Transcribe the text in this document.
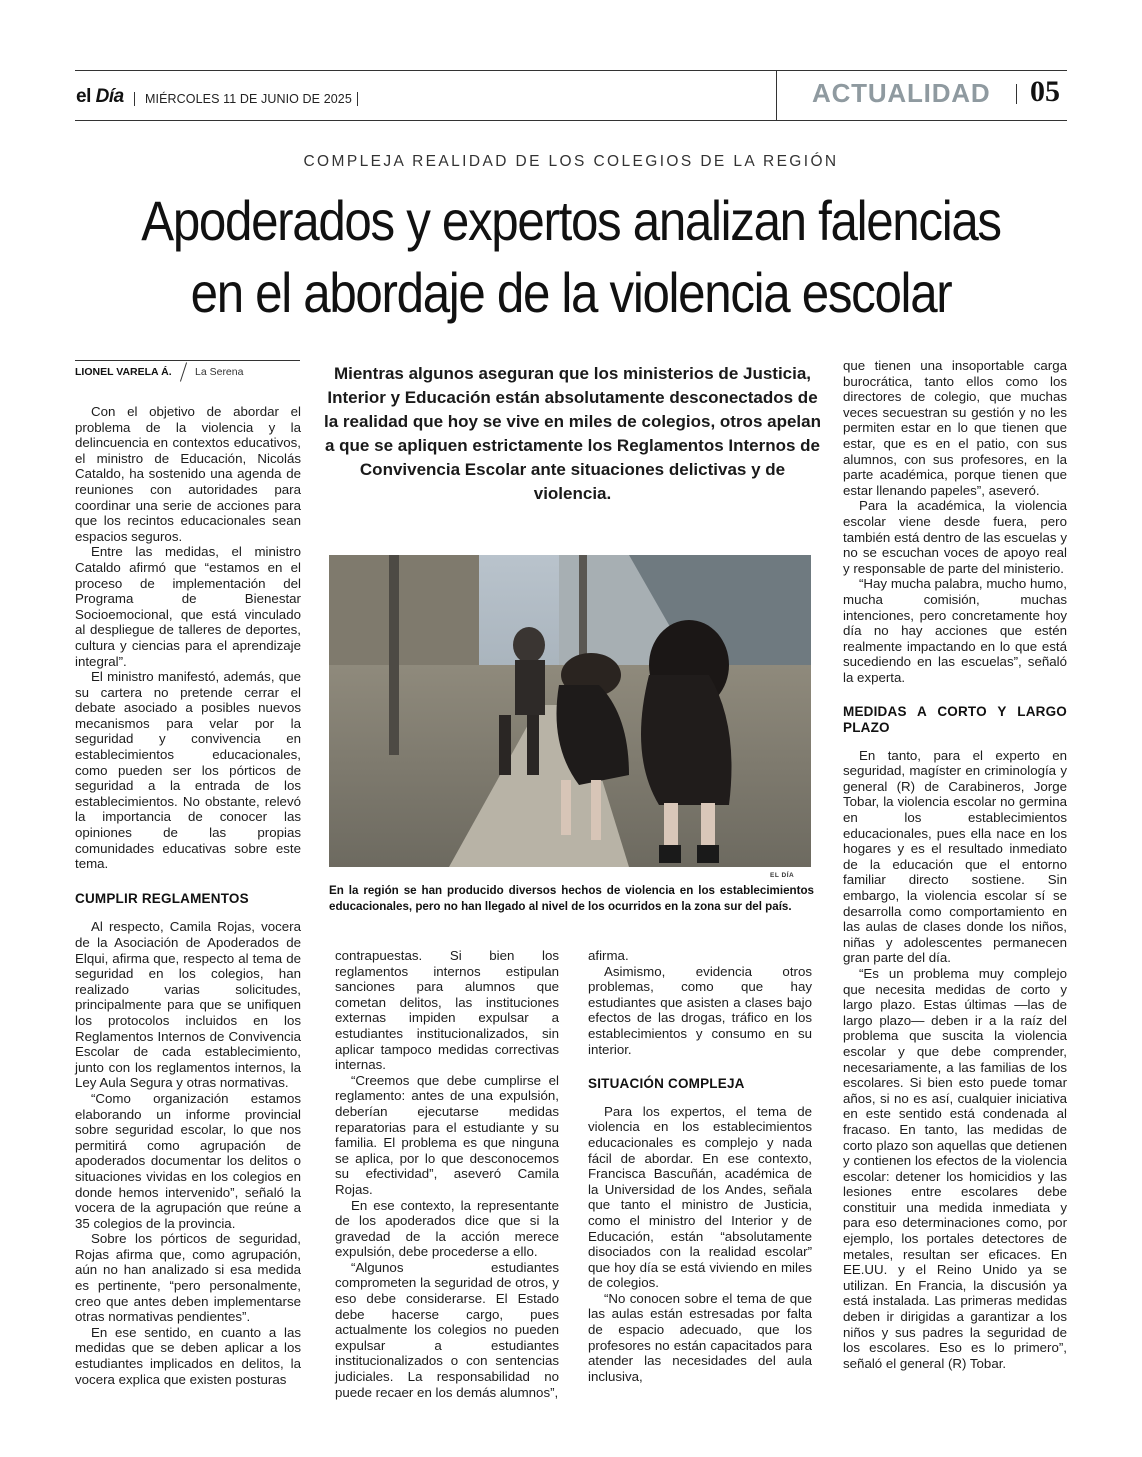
el Día MIÉRCOLES 11 DE JUNIO DE 2025	ACTUALIDAD 05
COMPLEJA REALIDAD DE LOS COLEGIOS DE LA REGIÓN
Apoderados y expertos analizan falencias
en el abordaje de la violencia escolar
LIONEL VARELA Á. La Serena

Con el objetivo de abordar el problema de la violencia y la delincuencia en contextos educativos, el ministro de Educación, Nicolás Cataldo, ha sostenido una agenda de reuniones con autoridades para coordinar una serie de acciones para que los recintos educacionales sean espacios seguros.

Entre las medidas, el ministro Cataldo afirmó que “estamos en el proceso de implementación del Programa de Bienestar Socioemocional, que está vinculado al despliegue de talleres de deportes, cultura y ciencias para el aprendizaje integral”.

El ministro manifestó, además, que su cartera no pretende cerrar el debate asociado a posibles nuevos mecanismos para velar por la seguridad y convivencia en establecimientos educacionales, como pueden ser los pórticos de seguridad a la entrada de los establecimientos. No obstante, relevó la importancia de conocer las opiniones de las propias comunidades educativas sobre este tema.

CUMPLIR REGLAMENTOS

Al respecto, Camila Rojas, vocera de la Asociación de Apoderados de Elqui, afirma que, respecto al tema de seguridad en los colegios, han realizado varias solicitudes, principalmente para que se unifiquen los protocolos incluidos en los Reglamentos Internos de Convivencia Escolar de cada establecimiento, junto con los reglamentos internos, la Ley Aula Segura y otras normativas.

“Como organización estamos elaborando un informe provincial sobre seguridad escolar, lo que nos permitirá como agrupación de apoderados documentar los delitos o situaciones vividas en los colegios en donde hemos intervenido”, señaló la vocera de la agrupación que reúne a 35 colegios de la provincia.

Sobre los pórticos de seguridad, Rojas afirma que, como agrupación, aún no han analizado si esa medida es pertinente, “pero personalmente, creo que antes deben implementarse otras normativas pendientes”.

En ese sentido, en cuanto a las medidas que se deben aplicar a los estudiantes implicados en delitos, la vocera explica que existen posturas

Mientras algunos aseguran que los ministerios de Justicia, Interior y Educación están absolutamente desconectados de la realidad que hoy se vive en miles de colegios, otros apelan a que se apliquen estrictamente los Reglamentos Internos de Convivencia Escolar ante situaciones delictivas y de violencia.
EL DÍA
En la región se han producido diversos hechos de violencia en los establecimientos educacionales, pero no han llegado al nivel de los ocurridos en la zona sur del país.

contrapuestas. Si bien los reglamentos internos estipulan sanciones para alumnos que cometan delitos, las instituciones externas impiden expulsar a estudiantes institucionalizados, sin aplicar tampoco medidas correctivas internas.

“Creemos que debe cumplirse el reglamento: antes de una expulsión, deberían ejecutarse medidas reparatorias para el estudiante y su familia. El problema es que ninguna se aplica, por lo que desconocemos su efectividad”, aseveró Camila Rojas.

En ese contexto, la representante de los apoderados dice que si la gravedad de la acción merece expulsión, debe procederse a ello.

“Algunos estudiantes comprometen la seguridad de otros, y eso debe considerarse. El Estado debe hacerse cargo, pues actualmente los colegios no pueden expulsar a estudiantes institucionalizados o con sentencias judiciales. La responsabilidad no puede recaer en los demás alumnos”,

afirma.

Asimismo, evidencia otros problemas, como que hay estudiantes que asisten a clases bajo efectos de las drogas, tráfico en los establecimientos y consumo en su interior.

SITUACIÓN COMPLEJA

Para los expertos, el tema de violencia en los establecimientos educacionales es complejo y nada fácil de abordar. En ese contexto, Francisca Bascuñán, académica de la Universidad de los Andes, señala que tanto el ministro de Justicia, como el ministro del Interior y de Educación, están “absolutamente disociados con la realidad escolar” que hoy día se está viviendo en miles de colegios.

“No conocen sobre el tema de que las aulas están estresadas por falta de espacio adecuado, que los profesores no están capacitados para atender las necesidades del aula inclusiva,

que tienen una insoportable carga burocrática, tanto ellos como los directores de colegio, que muchas veces secuestran su gestión y no les permiten estar en lo que tienen que estar, que es en el patio, con sus alumnos, con sus profesores, en la parte académica, porque tienen que estar llenando papeles”, aseveró.

Para la académica, la violencia escolar viene desde fuera, pero también está dentro de las escuelas y no se escuchan voces de apoyo real y responsable de parte del ministerio.

“Hay mucha palabra, mucho humo, mucha comisión, muchas intenciones, pero concretamente hoy día no hay acciones que estén realmente impactando en lo que está sucediendo en las escuelas”, señaló la experta.

MEDIDAS A CORTO Y LARGO PLAZO

En tanto, para el experto en seguridad, magíster en criminología y general (R) de Carabineros, Jorge Tobar, la violencia escolar no germina en los establecimientos educacionales, pues ella nace en los hogares y es el resultado inmediato de la educación que el entorno familiar directo sostiene. Sin embargo, la violencia escolar sí se desarrolla como comportamiento en las aulas de clases donde los niños, niñas y adolescentes permanecen gran parte del día.

“Es un problema muy complejo que necesita medidas de corto y largo plazo. Estas últimas —las de largo plazo— deben ir a la raíz del problema que suscita la violencia escolar y que debe comprender, necesariamente, a las familias de los escolares. Si bien esto puede tomar años, si no es así, cualquier iniciativa en este sentido está condenada al fracaso. En tanto, las medidas de corto plazo son aquellas que detienen y contienen los efectos de la violencia escolar: detener los homicidios y las lesiones entre escolares debe constituir una medida inmediata y para eso determinaciones como, por ejemplo, los portales detectores de metales, resultan ser eficaces. En EE.UU. y el Reino Unido ya se utilizan. En Francia, la discusión ya está instalada. Las primeras medidas deben ir dirigidas a garantizar a los niños y sus padres la seguridad de los escolares. Eso es lo primero”, señaló el general (R) Tobar.
